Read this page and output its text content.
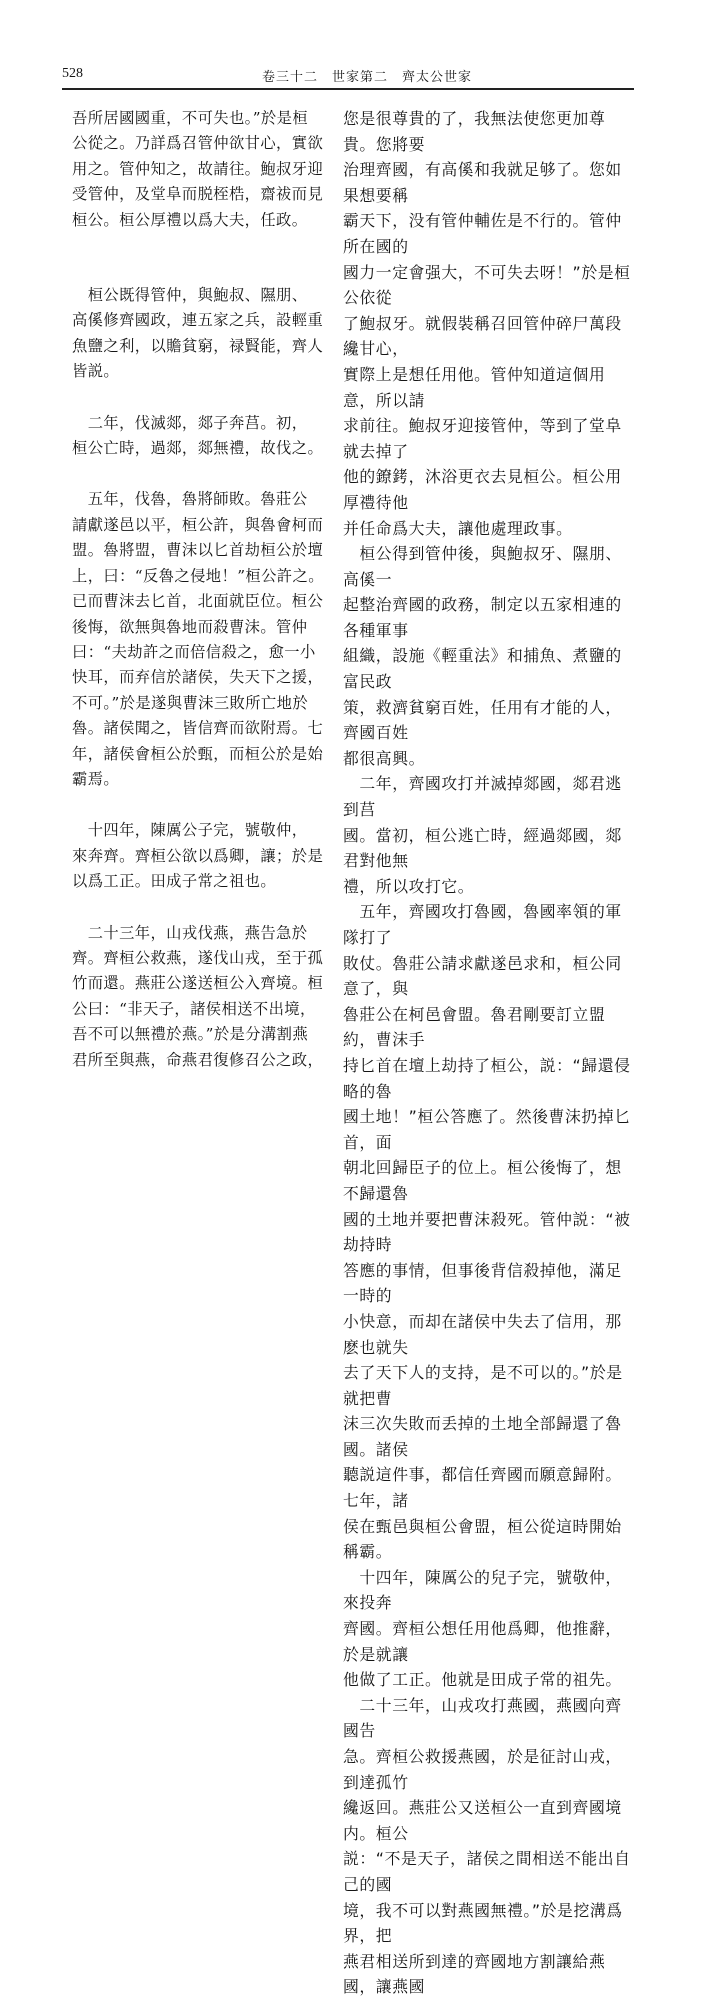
528	卷三十二　世家第二　齊太公世家

吾所居國國重，不可失也。”於是桓
公從之。乃詳爲召管仲欲甘心，實欲
用之。管仲知之，故請往。鮑叔牙迎
受管仲，及堂阜而脱桎梏，齋祓而見
桓公。桓公厚禮以爲大夫，任政。

　桓公既得管仲，與鮑叔、隰朋、
高傒修齊國政，連五家之兵，設輕重
魚鹽之利，以贍貧窮，禄賢能，齊人
皆説。

　二年，伐滅郯，郯子奔莒。初，
桓公亡時，過郯，郯無禮，故伐之。

　五年，伐魯，魯將師敗。魯莊公
請獻遂邑以平，桓公許，與魯會柯而
盟。魯將盟，曹沫以匕首劫桓公於壇
上，曰：“反魯之侵地！”桓公許之。
已而曹沫去匕首，北面就臣位。桓公
後悔，欲無與魯地而殺曹沫。管仲
曰：“夫劫許之而倍信殺之，愈一小
快耳，而弃信於諸侯，失天下之援，
不可。”於是遂與曹沫三敗所亡地於
魯。諸侯聞之，皆信齊而欲附焉。七
年，諸侯會桓公於甄，而桓公於是始
霸焉。

　十四年，陳厲公子完，號敬仲，
來奔齊。齊桓公欲以爲卿，讓；於是
以爲工正。田成子常之祖也。

　二十三年，山戎伐燕，燕告急於
齊。齊桓公救燕，遂伐山戎，至于孤
竹而還。燕莊公遂送桓公入齊境。桓
公曰：“非天子，諸侯相送不出境，
吾不可以無禮於燕。”於是分溝割燕
君所至與燕，命燕君復修召公之政，

您是很尊貴的了，我無法使您更加尊貴。您將要
治理齊國，有高傒和我就足够了。您如果想要稱
霸天下，没有管仲輔佐是不行的。管仲所在國的
國力一定會强大，不可失去呀！”於是桓公依從
了鮑叔牙。就假裝稱召回管仲碎尸萬段纔甘心，
實際上是想任用他。管仲知道這個用意，所以請
求前往。鮑叔牙迎接管仲，等到了堂阜就去掉了
他的鐐銬，沐浴更衣去見桓公。桓公用厚禮待他
并任命爲大夫，讓他處理政事。

　桓公得到管仲後，與鮑叔牙、隰朋、高傒一
起整治齊國的政務，制定以五家相連的各種軍事
組織，設施《輕重法》和捕魚、煮鹽的富民政
策，救濟貧窮百姓，任用有才能的人，齊國百姓
都很高興。

　二年，齊國攻打并滅掉郯國，郯君逃到莒
國。當初，桓公逃亡時，經過郯國，郯君對他無
禮，所以攻打它。

　五年，齊國攻打魯國，魯國率領的軍隊打了
敗仗。魯莊公請求獻遂邑求和，桓公同意了，與
魯莊公在柯邑會盟。魯君剛要訂立盟約，曹沫手
持匕首在壇上劫持了桓公，説：“歸還侵略的魯
國土地！”桓公答應了。然後曹沫扔掉匕首，面
朝北回歸臣子的位上。桓公後悔了，想不歸還魯
國的土地并要把曹沫殺死。管仲説：“被劫持時
答應的事情，但事後背信殺掉他，滿足一時的
小快意，而却在諸侯中失去了信用，那麽也就失
去了天下人的支持，是不可以的。”於是就把曹
沫三次失敗而丢掉的土地全部歸還了魯國。諸侯
聽説這件事，都信任齊國而願意歸附。七年，諸
侯在甄邑與桓公會盟，桓公從這時開始稱霸。

　十四年，陳厲公的兒子完，號敬仲，來投奔
齊國。齊桓公想任用他爲卿，他推辭，於是就讓
他做了工正。他就是田成子常的祖先。

　二十三年，山戎攻打燕國，燕國向齊國告
急。齊桓公救援燕國，於是征討山戎，到達孤竹
纔返回。燕莊公又送桓公一直到齊國境内。桓公
説：“不是天子，諸侯之間相送不能出自己的國
境，我不可以對燕國無禮。”於是挖溝爲界，把
燕君相送所到達的齊國地方割讓給燕國，讓燕國
